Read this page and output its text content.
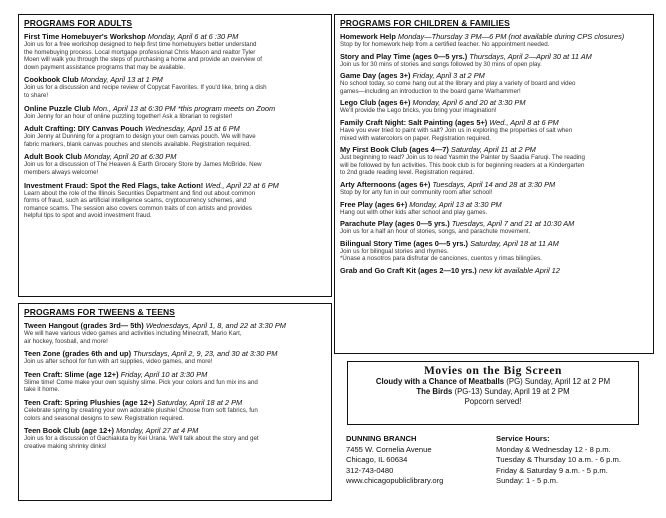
PROGRAMS FOR ADULTS
First Time Homebuyer's Workshop Monday, April 6 at 6 :30 PM
Join us for a free workshop designed to help first time homebuyers better understand
the homebuying process. Local mortgage professional Chris Mason and realtor Tyler
Moen will walk you through the steps of purchasing a home and provide an overview of
down payment assistance programs that may be available.
Cookbook Club Monday, April 13 at 1 PM
Join us for a discussion and recipe review of Copycat Favorites. If you'd like, bring a dish
to share!
Online Puzzle Club Mon., April 13 at 6:30 PM *this program meets on Zoom
Join Jenny for an hour of online puzzling together! Ask a librarian to register!
Adult Crafting: DIY Canvas Pouch Wednesday, April 15 at 6 PM
Join Jenny at Dunning for a program to design your own canvas pouch. We will have
fabric markers, blank canvas pouches and stencils available. Registration required.
Adult Book Club Monday, April 20 at 6:30 PM
Join us for a discussion of The Heaven & Earth Grocery Store by James McBride. New
members always welcome!
Investment Fraud: Spot the Red Flags, take Action! Wed., April 22 at 6 PM
Learn about the role of the Illinois Securities Department and find out about common
forms of fraud, such as artificial intelligence scams, cryptocurrency schemes, and
romance scams. The session also covers common traits of con artists and provides
helpful tips to spot and avoid investment fraud.
PROGRAMS FOR TWEENS & TEENS
Tween Hangout (grades 3rd— 5th) Wednesdays, April 1, 8, and 22 at 3:30 PM
We will have various video games and activities including Minecraft, Mario Kart,
air hockey, foosball, and more!
Teen Zone (grades 6th and up) Thursdays, April 2, 9, 23, and 30 at 3:30 PM
Join us after school for fun with art supplies, video games, and more!
Teen Craft: Slime (age 12+) Friday, April 10 at 3:30 PM
Slime time! Come make your own squishy slime. Pick your colors and fun mix ins and
take it home.
Teen Craft: Spring Plushies (age 12+) Saturday, April 18 at 2 PM
Celebrate spring by creating your own adorable plushie! Choose from soft fabrics, fun
colors and seasonal designs to sew. Registration required.
Teen Book Club (age 12+) Monday, April 27 at 4 PM
Join us for a discussion of Gachiakuta by Kei Urana. We'll talk about the story and get
creative making shrinky dinks!
PROGRAMS FOR CHILDREN & FAMILIES
Homework Help Monday—Thursday 3 PM—6 PM (not available during CPS closures)
Stop by for homework help from a certified teacher. No appointment needed.
Story and Play Time (ages 0—5 yrs.) Thursdays, April 2—April 30 at 11 AM
Join us for 30 mins of stories and songs followed by 30 mins of open play.
Game Day (ages 3+) Friday, April 3 at 2 PM
No school today, so come hang out at the library and play a variety of board and video
games—including an introduction to the board game Warhammer!
Lego Club (ages 6+) Monday, April 6 and 20 at 3:30 PM
We'll provide the Lego bricks, you bring your imagination!
Family Craft Night: Salt Painting (ages 5+) Wed., April 8 at 6 PM
Have you ever tried to paint with salt? Join us in exploring the properties of salt when
mixed with watercolors on paper. Registration required.
My First Book Club (ages 4—7) Saturday, April 11 at 2 PM
Just beginning to read? Join us to read Yasmin the Painter by Saadia Faruqi. The reading
will be followed by fun activities. This book club is for beginning readers at a Kindergarten
to 2nd grade reading level. Registration required.
Arty Afternoons (ages 6+) Tuesdays, April 14 and 28 at 3:30 PM
Stop by for arty fun in our community room after school!
Free Play (ages 6+) Monday, April 13 at 3:30 PM
Hang out with other kids after school and play games.
Parachute Play (ages 0—5 yrs.) Tuesdays, April 7 and 21 at 10:30 AM
Join us for a half an hour of stories, songs, and parachute movement.
Bilingual Story Time (ages 0—5 yrs.) Saturday, April 18 at 11 AM
Join us for bilingual stories and rhymes.
*Únase a nosotros para disfrutar de canciones, cuentos y rimas bilingües.
Grab and Go Craft Kit (ages 2—10 yrs.) new kit available April 12
Movies on the Big Screen
Cloudy with a Chance of Meatballs (PG) Sunday, April 12 at 2 PM
The Birds (PG-13) Sunday, April 19 at 2 PM
Popcorn served!
DUNNING BRANCH
7455 W. Cornelia Avenue
Chicago, IL 60634
312-743-0480
www.chicagopubliclibrary.org
Service Hours:
Monday & Wednesday 12 - 8 p.m.
Tuesday & Thursday 10 a.m. - 6 p.m.
Friday & Saturday 9 a.m. - 5 p.m.
Sunday: 1 - 5 p.m.
